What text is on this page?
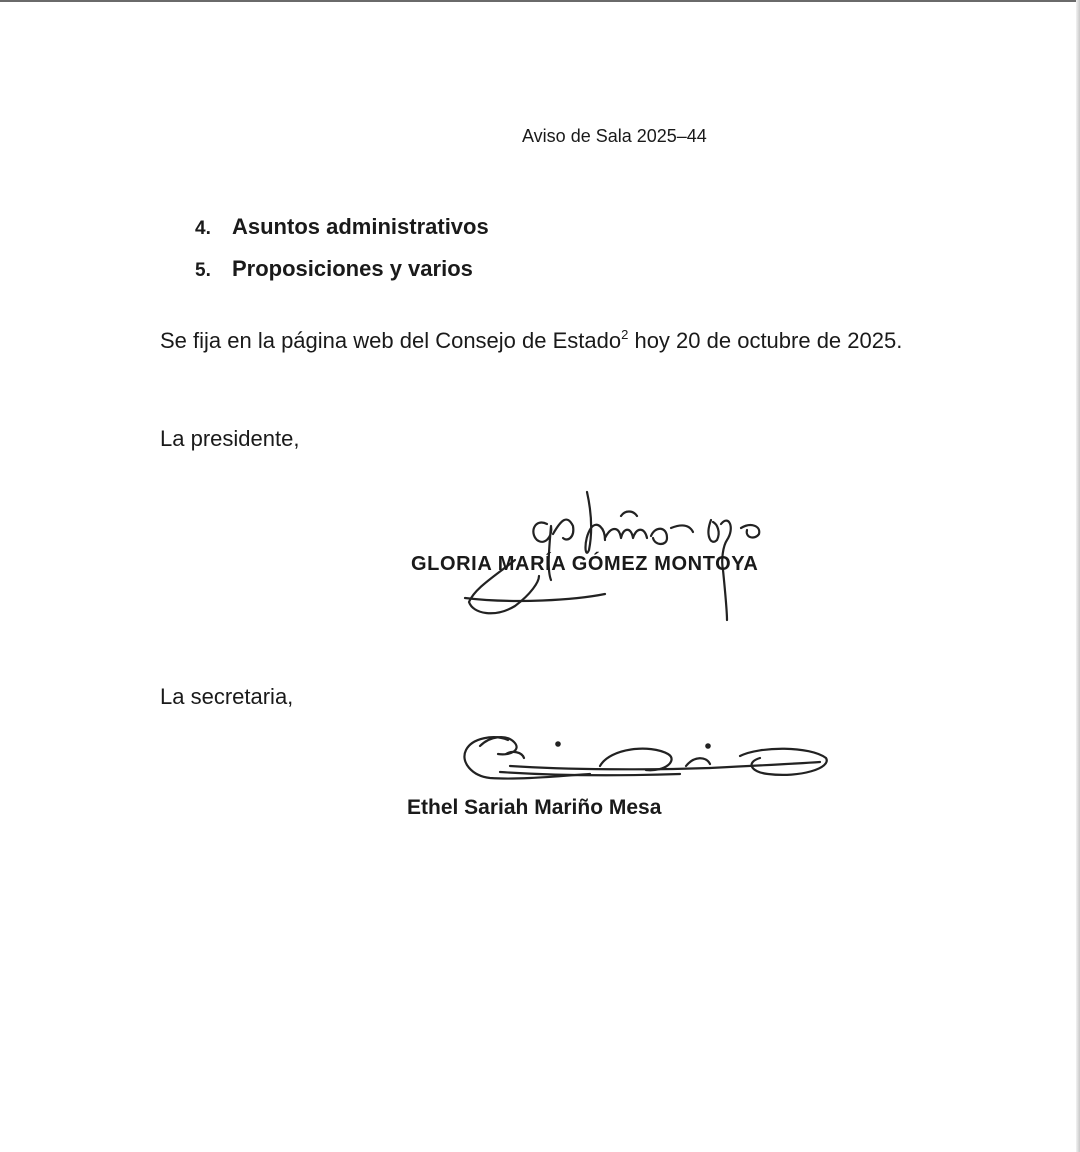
Aviso de Sala 2025–44
4. Asuntos administrativos
5. Proposiciones y varios
Se fija en la página web del Consejo de Estado$^2$ hoy 20 de octubre de 2025.
La presidente,
GLORIA MARÍA GÓMEZ MONTOYA
La secretaria,
Ethel Sariah Mariño Mesa
